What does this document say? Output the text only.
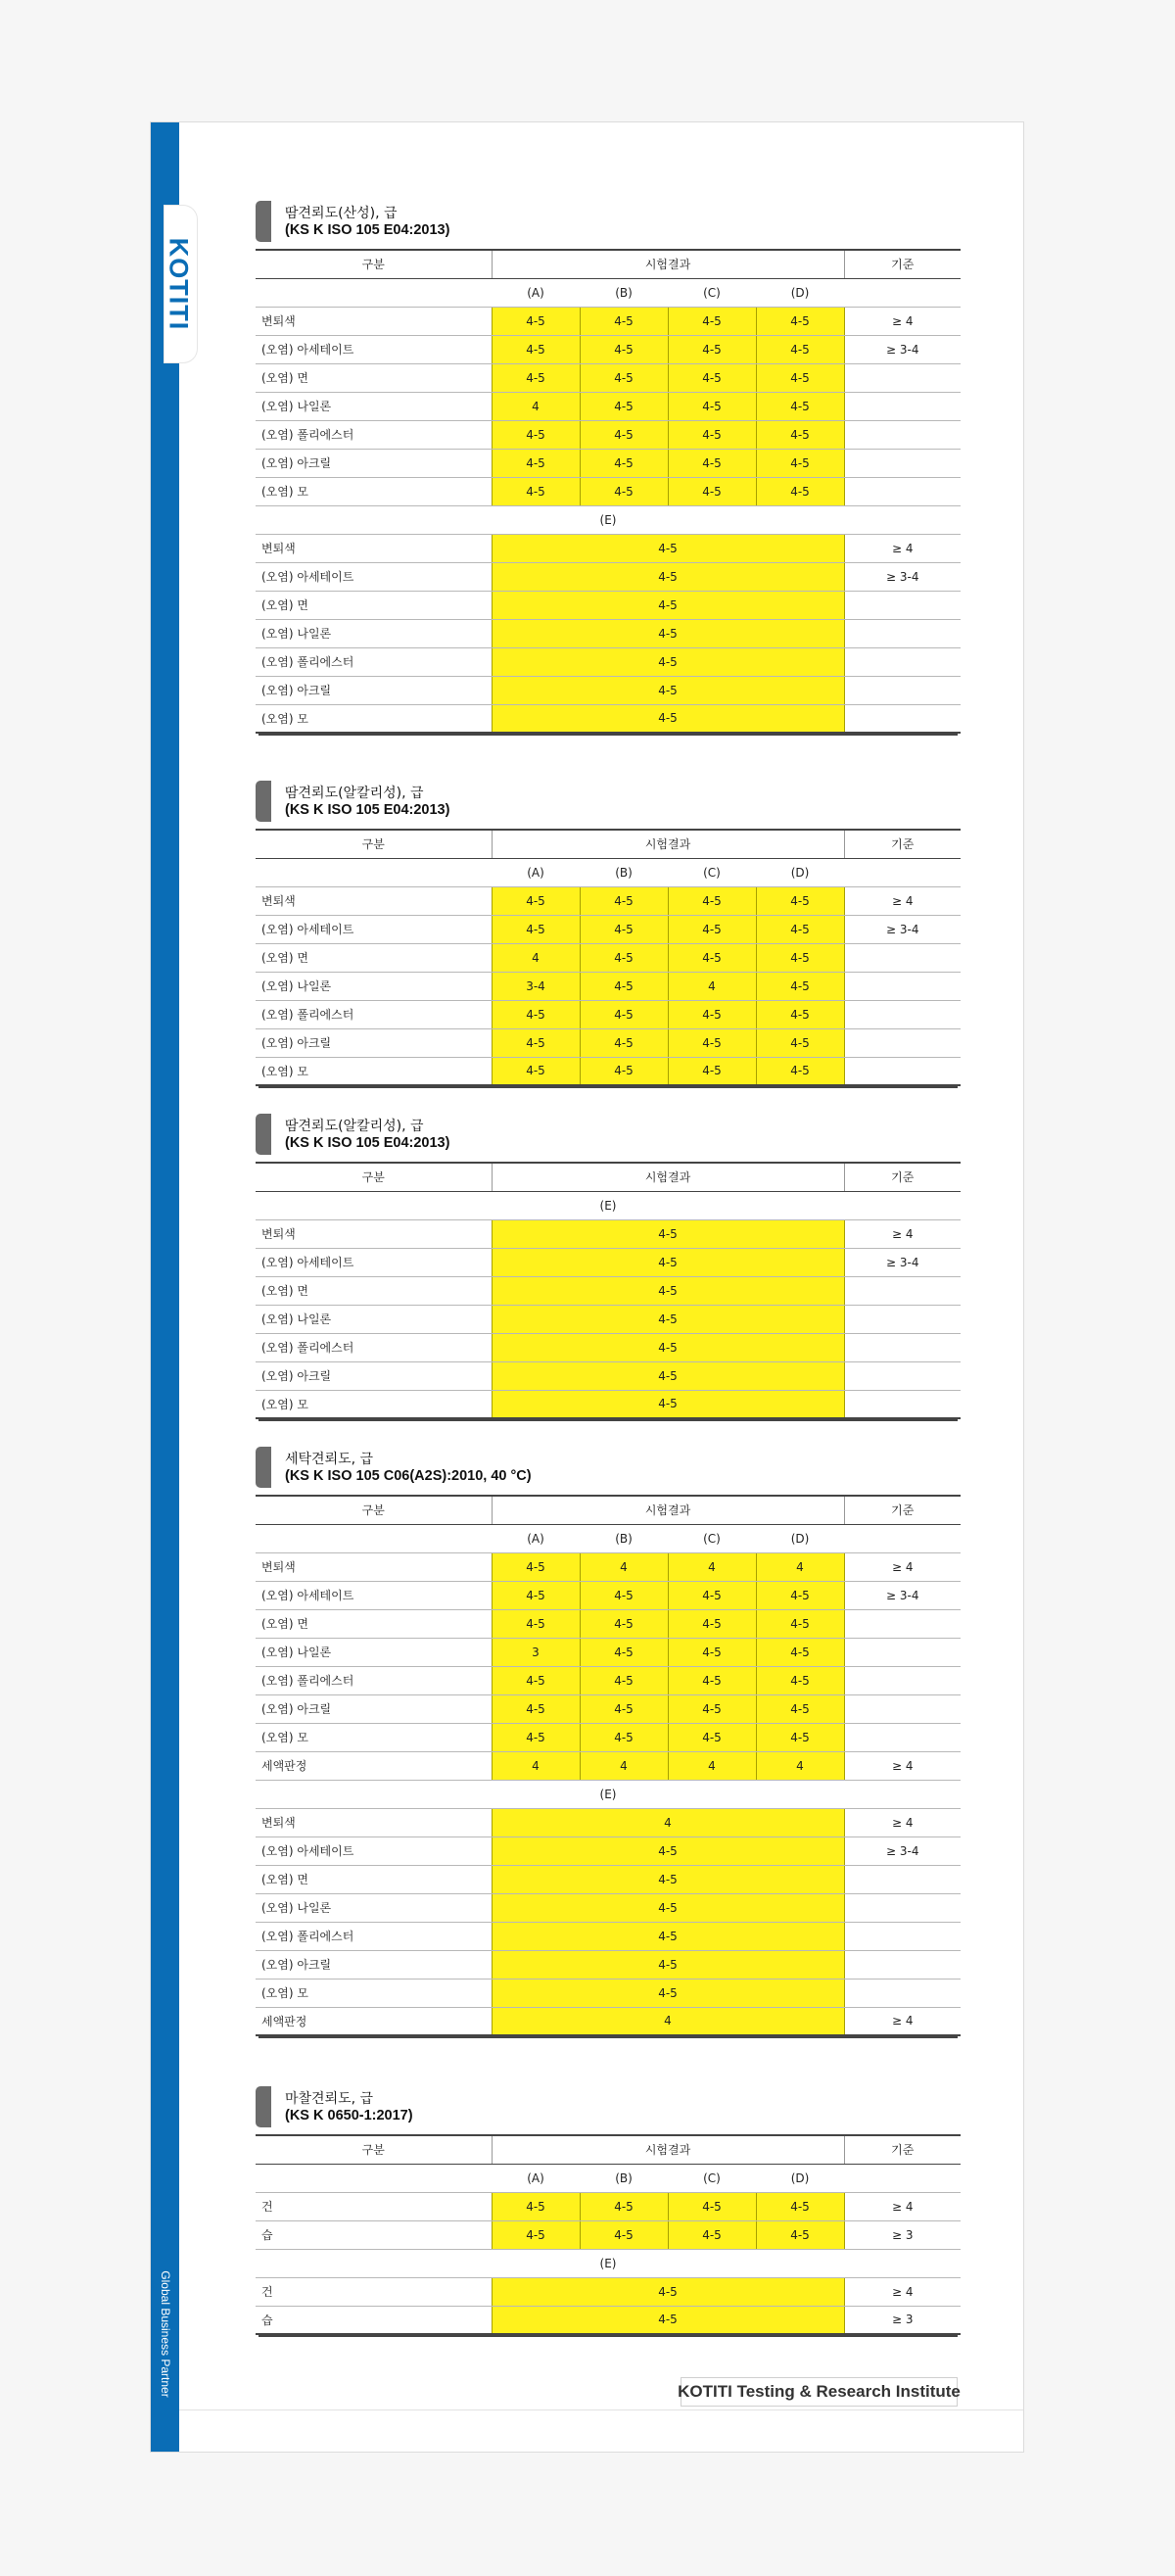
Global Business Partner
KOTITI
땀견뢰도(산성), 급
(KS K ISO 105 E04:2013)
구분	시험결과				기준
	(A)	(B)	(C)	(D)	
변퇴색	4-5	4-5	4-5	4-5	≥ 4
(오염) 아세테이트	4-5	4-5	4-5	4-5	≥ 3-4
(오염) 면	4-5	4-5	4-5	4-5	
(오염) 나일론	4	4-5	4-5	4-5	
(오염) 폴리에스터	4-5	4-5	4-5	4-5	
(오염) 아크릴	4-5	4-5	4-5	4-5	
(오염) 모	4-5	4-5	4-5	4-5	
(E)					
변퇴색	4-5				≥ 4
(오염) 아세테이트	4-5				≥ 3-4
(오염) 면	4-5				
(오염) 나일론	4-5				
(오염) 폴리에스터	4-5				
(오염) 아크릴	4-5				
(오염) 모	4-5				
땀견뢰도(알칼리성), 급
(KS K ISO 105 E04:2013)
구분	시험결과				기준
	(A)	(B)	(C)	(D)	
변퇴색	4-5	4-5	4-5	4-5	≥ 4
(오염) 아세테이트	4-5	4-5	4-5	4-5	≥ 3-4
(오염) 면	4	4-5	4-5	4-5	
(오염) 나일론	3-4	4-5	4	4-5	
(오염) 폴리에스터	4-5	4-5	4-5	4-5	
(오염) 아크릴	4-5	4-5	4-5	4-5	
(오염) 모	4-5	4-5	4-5	4-5	
땀견뢰도(알칼리성), 급
(KS K ISO 105 E04:2013)
구분	시험결과	기준
(E)		
변퇴색	4-5	≥ 4
(오염) 아세테이트	4-5	≥ 3-4
(오염) 면	4-5	
(오염) 나일론	4-5	
(오염) 폴리에스터	4-5	
(오염) 아크릴	4-5	
(오염) 모	4-5	
세탁견뢰도, 급
(KS K ISO 105 C06(A2S):2010, 40 °C)
구분	시험결과				기준
	(A)	(B)	(C)	(D)	
변퇴색	4-5	4	4	4	≥ 4
(오염) 아세테이트	4-5	4-5	4-5	4-5	≥ 3-4
(오염) 면	4-5	4-5	4-5	4-5	
(오염) 나일론	3	4-5	4-5	4-5	
(오염) 폴리에스터	4-5	4-5	4-5	4-5	
(오염) 아크릴	4-5	4-5	4-5	4-5	
(오염) 모	4-5	4-5	4-5	4-5	
세액판정	4	4	4	4	≥ 4
(E)					
변퇴색	4				≥ 4
(오염) 아세테이트	4-5				≥ 3-4
(오염) 면	4-5				
(오염) 나일론	4-5				
(오염) 폴리에스터	4-5				
(오염) 아크릴	4-5				
(오염) 모	4-5				
세액판정	4				≥ 4
마찰견뢰도, 급
(KS K 0650-1:2017)
구분	시험결과				기준
	(A)	(B)	(C)	(D)	
건	4-5	4-5	4-5	4-5	≥ 4
습	4-5	4-5	4-5	4-5	≥ 3
(E)					
건	4-5				≥ 4
습	4-5				≥ 3
KOTITI Testing & Research Institute
